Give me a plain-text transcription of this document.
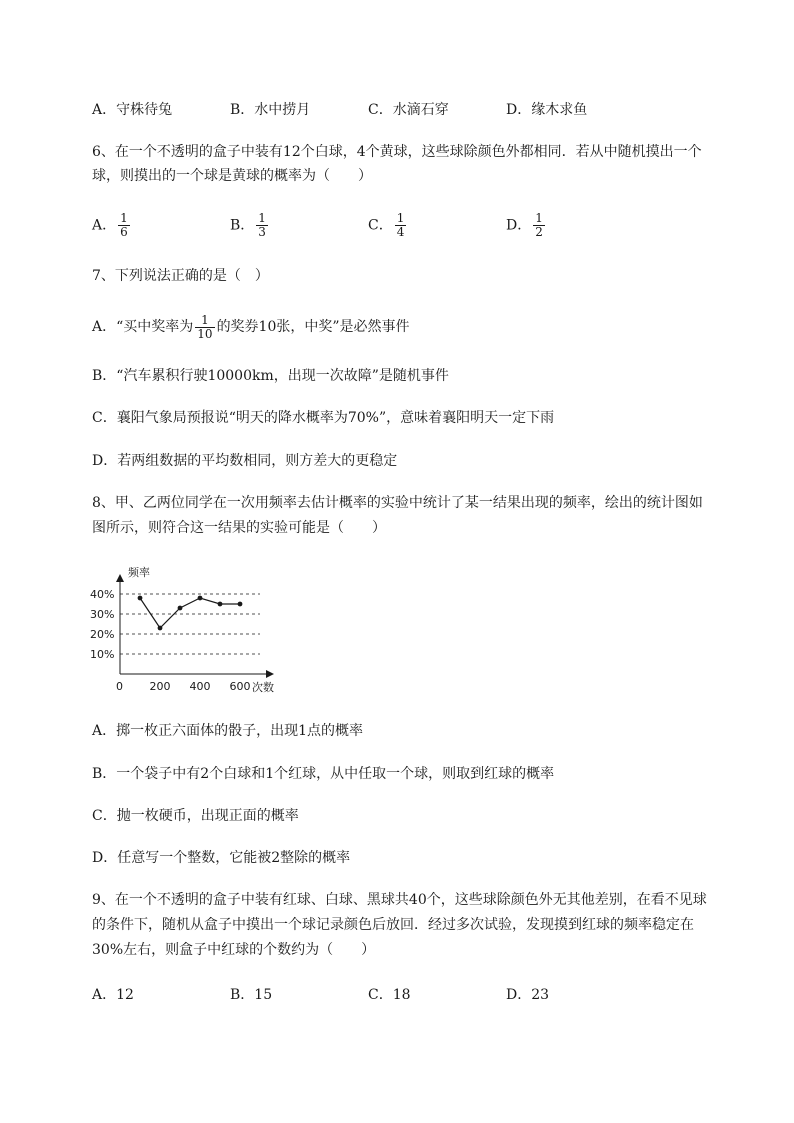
A．守株待兔	B．水中捞月	C．水滴石穿	D．缘木求鱼
6、在一个不透明的盒子中装有12个白球，4个黄球，这些球除颜色外都相同．若从中随机摸出一个
球，则摸出的一个球是黄球的概率为（　　）
A． $\frac{1}{6}$	B． $\frac{1}{3}$	C． $\frac{1}{4}$	D． $\frac{1}{2}$
7、下列说法正确的是（　）
A．“买中奖率为 $\frac{1}{10}$ 的奖券10张，中奖”是必然事件
B．“汽车累积行驶10000km，出现一次故障”是随机事件
C．襄阳气象局预报说“明天的降水概率为70%”，意味着襄阳明天一定下雨
D．若两组数据的平均数相同，则方差大的更稳定
8、甲、乙两位同学在一次用频率去估计概率的实验中统计了某一结果出现的频率，绘出的统计图如
图所示，则符合这一结果的实验可能是（　　）
频率
次数
0
10%
20%
30%
40%
200 400 600
A．掷一枚正六面体的骰子，出现1点的概率
B．一个袋子中有2个白球和1个红球，从中任取一个球，则取到红球的概率
C．抛一枚硬币，出现正面的概率
D．任意写一个整数，它能被2整除的概率
9、在一个不透明的盒子中装有红球、白球、黑球共40个，这些球除颜色外无其他差别，在看不见球
的条件下，随机从盒子中摸出一个球记录颜色后放回．经过多次试验，发现摸到红球的频率稳定在
30%左右，则盒子中红球的个数约为（　　）
A．12	B．15	C．18	D．23
